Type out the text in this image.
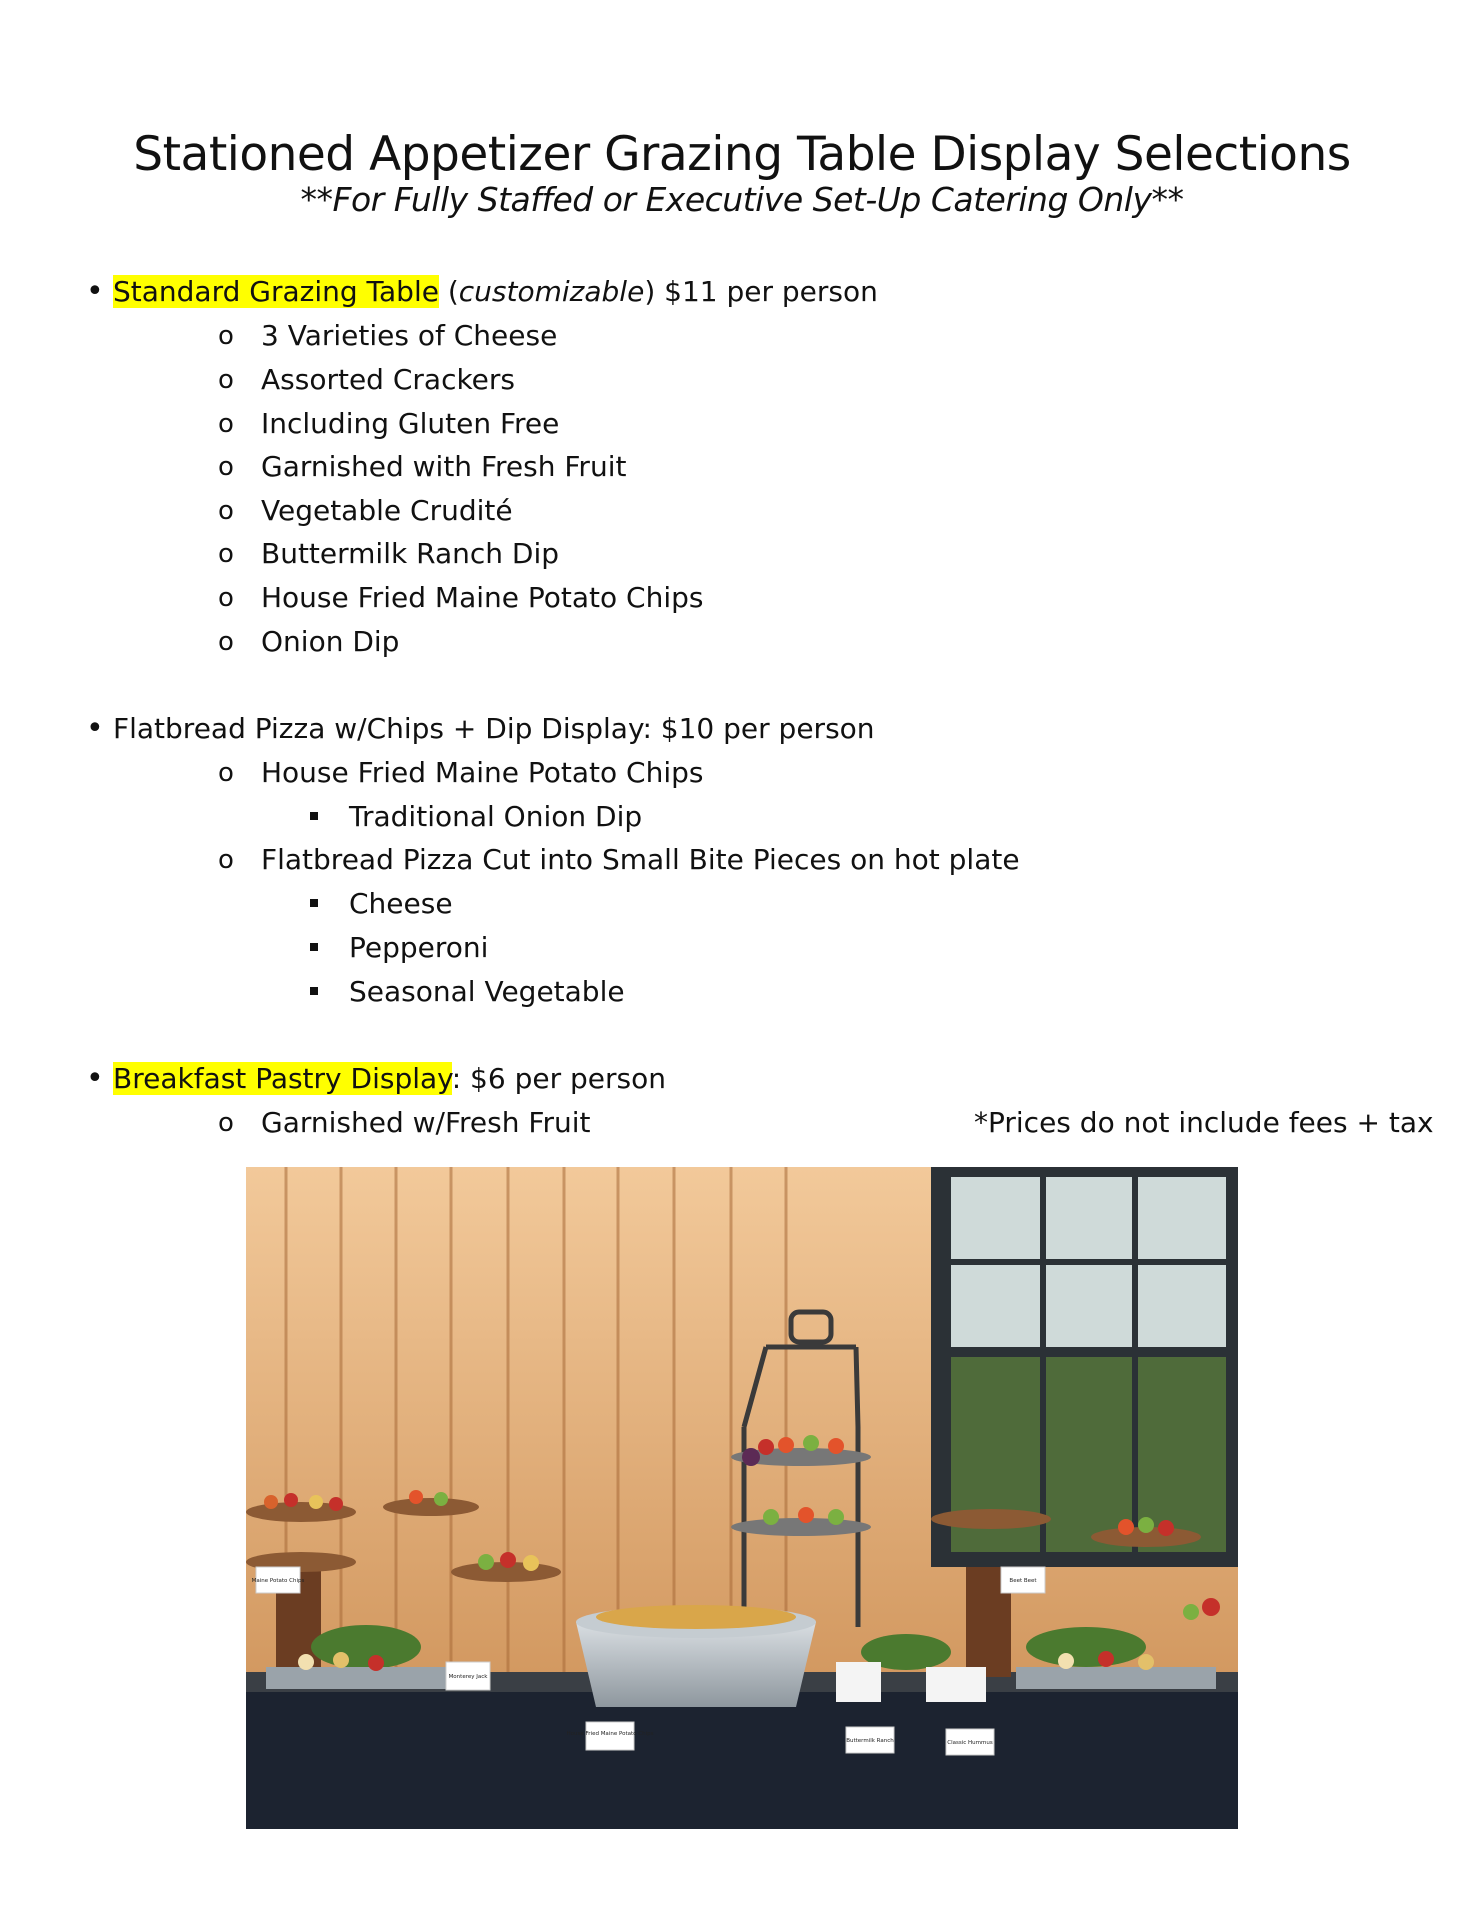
Stationed Appetizer Grazing Table Display Selections
**For Fully Staffed or Executive Set-Up Catering Only**
• Standard Grazing Table (customizable) $11 per person
o 3 Varieties of Cheese
o Assorted Crackers
o Including Gluten Free
o Garnished with Fresh Fruit
o Vegetable Crudité
o Buttermilk Ranch Dip
o House Fried Maine Potato Chips
o Onion Dip
• Flatbread Pizza w/Chips + Dip Display: $10 per person
o House Fried Maine Potato Chips
Traditional Onion Dip
o Flatbread Pizza Cut into Small Bite Pieces on hot plate
Cheese
Pepperoni
Seasonal Vegetable
• Breakfast Pastry Display: $6 per person
o Garnished w/Fresh Fruit	*Prices do not include fees + tax
House Fried Maine Potato Chips
Buttermilk Ranch	Classic Hummus
Monterey Jack
Maine Potato Chips	Beet Beet
